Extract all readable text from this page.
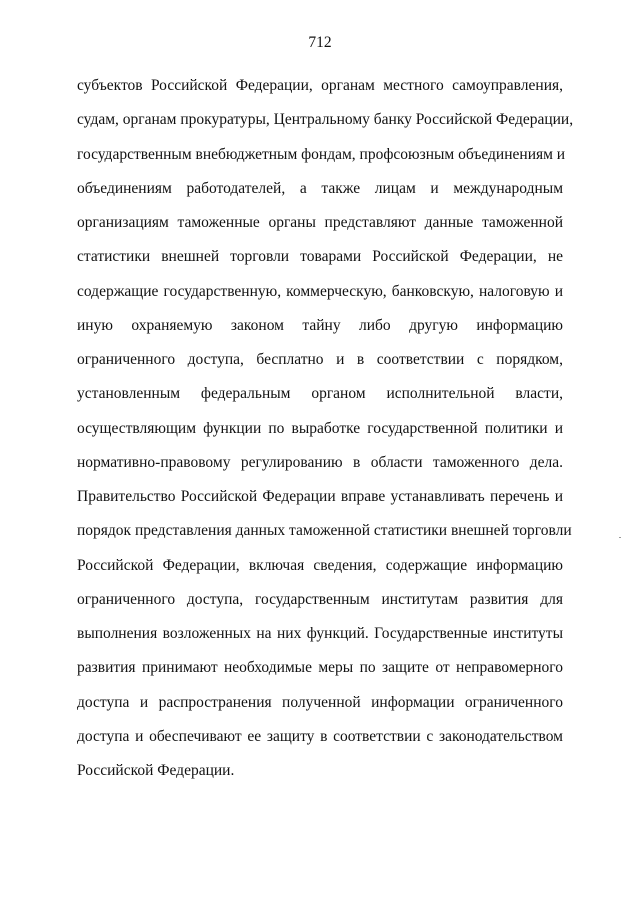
712
субъектов Российской Федерации, органам местного самоуправления,
судам, органам прокуратуры, Центральному банку Российской Федерации,
государственным внебюджетным фондам, профсоюзным объединениям и
объединениям работодателей, а также лицам и международным
организациям таможенные органы представляют данные таможенной
статистики внешней торговли товарами Российской Федерации, не
содержащие государственную, коммерческую, банковскую, налоговую и
иную охраняемую законом тайну либо другую информацию
ограниченного доступа, бесплатно и в соответствии с порядком,
установленным федеральным органом исполнительной власти,
осуществляющим функции по выработке государственной политики и
нормативно-правовому регулированию в области таможенного дела.
Правительство Российской Федерации вправе устанавливать перечень и
порядок представления данных таможенной статистики внешней торговли
Российской Федерации, включая сведения, содержащие информацию
ограниченного доступа, государственным институтам развития для
выполнения возложенных на них функций. Государственные институты
развития принимают необходимые меры по защите от неправомерного
доступа и распространения полученной информации ограниченного
доступа и обеспечивают ее защиту в соответствии с законодательством
Российской Федерации.
